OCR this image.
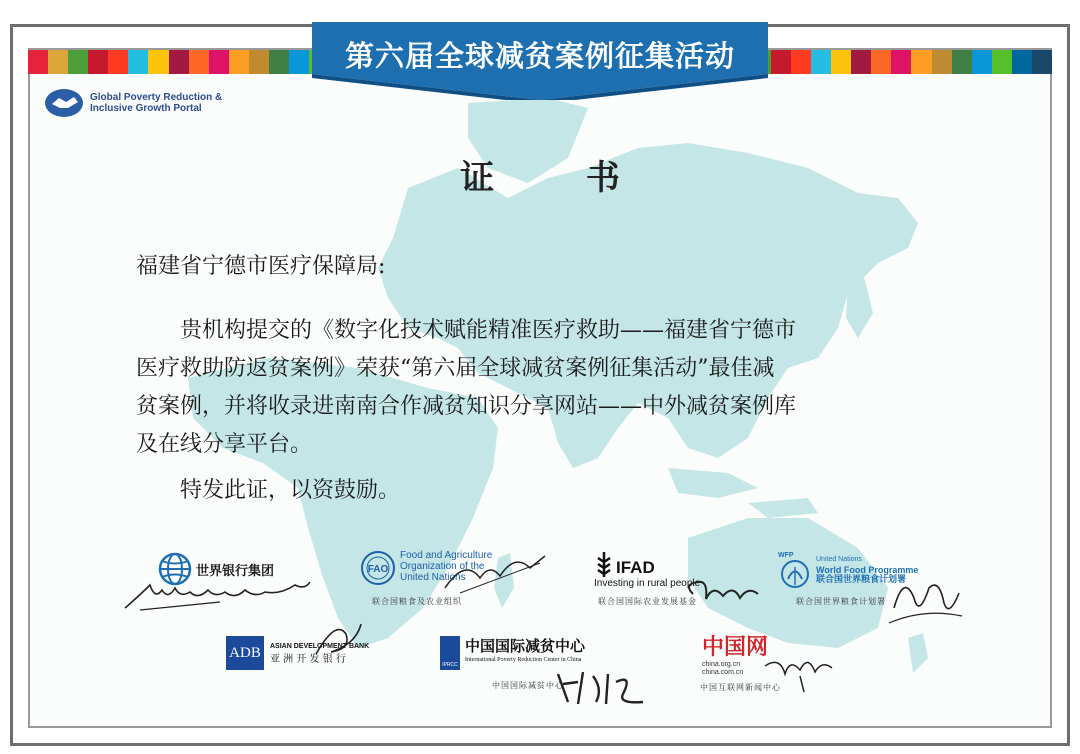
第六届全球减贫案例征集活动
Global Poverty Reduction &
Inclusive Growth Portal
证 书
福建省宁德市医疗保障局:
贵机构提交的《数字化技术赋能精准医疗救助——福建省宁德市
医疗救助防返贫案例》荣获“第六届全球减贫案例征集活动”最佳减
贫案例，并将收录进南南合作减贫知识分享网站——中外减贫案例库
及在线分享平台。
特发此证，以资鼓励。
世界银行集团	FAO
Food and Agriculture
Organization of the
United Nations
联合国粮食及农业组织
IFAD
Investing in rural people
联合国国际农业发展基金
WFP
United Nations
World Food Programme
联合国世界粮食计划署
联合国世界粮食计划署
ADB	ASIAN DEVELOPMENT BANK
亚 洲 开 发 银 行	IPRCC
中国国际减贫中心
International Poverty Reduction Center in China
中国国际减贫中心
中国网
china.org.cn
china.com.cn
中国互联网新闻中心
